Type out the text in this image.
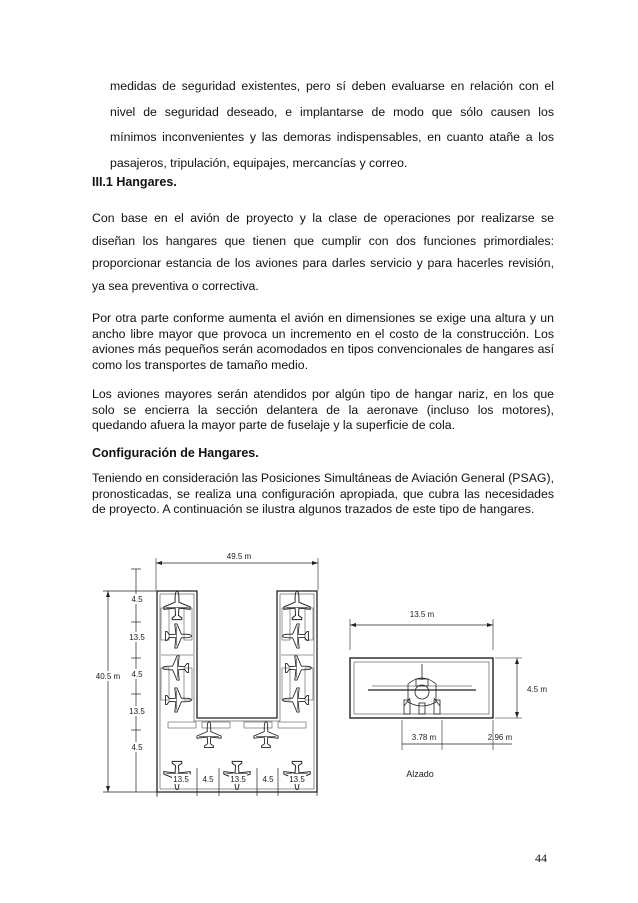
medidas de seguridad existentes, pero sí deben evaluarse en relación con el nivel de seguridad deseado, e implantarse de modo que sólo causen los mínimos inconvenientes y las demoras indispensables, en cuanto atañe a los pasajeros, tripulación, equipajes, mercancías y correo.
III.1 Hangares.
Con base en el avión de proyecto y la clase de operaciones por realizarse se diseñan los hangares que tienen que cumplir con dos funciones primordiales: proporcionar estancia de los aviones para darles servicio y para hacerles revisión, ya sea preventiva o correctiva.
Por otra parte conforme aumenta el avión en dimensiones se exige una altura y un ancho libre mayor que provoca un incremento en el costo de la construcción. Los aviones más pequeños serán acomodados en tipos convencionales de hangares así como los transportes de tamaño medio.
Los aviones mayores serán atendidos por algún tipo de hangar nariz, en los que solo se encierra la sección delantera de la aeronave (incluso los motores), quedando afuera la mayor parte de fuselaje y la superficie de cola.
Configuración de Hangares.
Teniendo en consideración las Posiciones Simultáneas de Aviación General (PSAG), pronosticadas, se realiza una configuración apropiada, que cubra las necesidades de proyecto. A continuación se ilustra algunos trazados de este tipo de hangares.
49.5 m
40.5 m
4.5
13.5
4.5
13.5
4.5
13.5 4.5 13.5 4.5 13.5
13.5 m
4.5 m
3.78 m	2.96 m
Alzado
44
